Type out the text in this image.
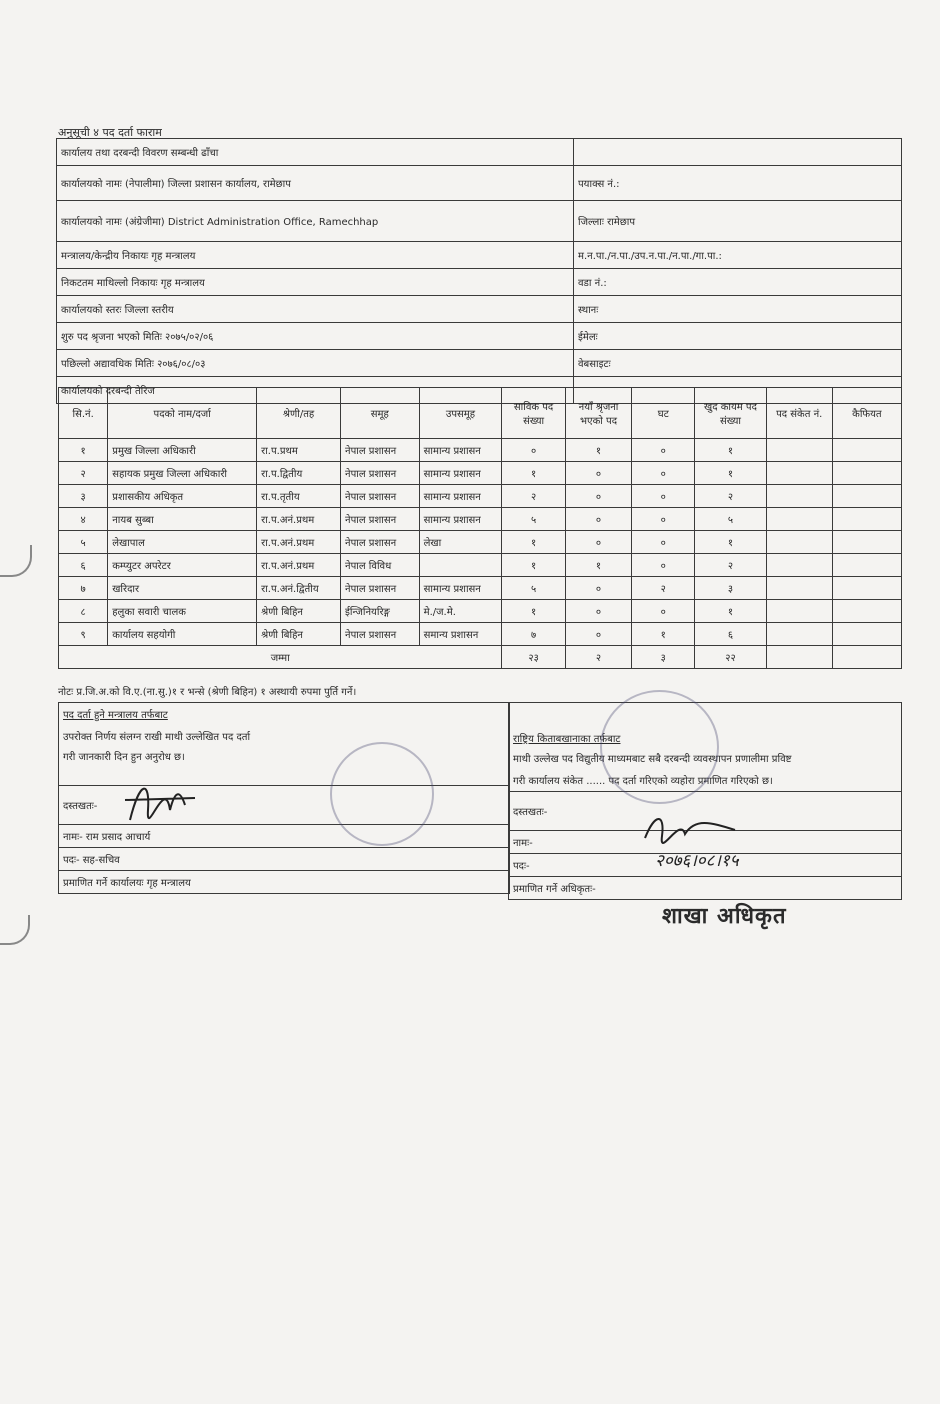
अनुसूची ४ पद दर्ता फाराम
कार्यालय तथा दरबन्दी विवरण सम्बन्धी ढाँचा	
कार्यालयको नामः (नेपालीमा) जिल्ला प्रशासन कार्यालय, रामेछाप	पयाक्स नं.:
कार्यालयको नामः (अंग्रेजीमा) District Administration Office, Ramechhap	जिल्लाः रामेछाप
मन्त्रालय/केन्द्रीय निकायः गृह मन्त्रालय	म.न.पा./न.पा./उप.न.पा./न.पा./गा.पा.:
निकटतम माथिल्लो निकायः गृह मन्त्रालय	वडा नं.:
कार्यालयको स्तरः जिल्ला स्तरीय	स्थानः
शुरु पद श्रृजना भएको मितिः २०७५/०२/०६	ईमेलः
पछिल्लो अद्यावधिक मितिः २०७६/०८/०३	वेबसाइटः
कार्यालयको दरबन्दी तेरिज	
सि.नं.	पदको नाम/दर्जा	श्रेणी/तह	समूह	उपसमूह	साविक पद संख्या	नयाँ श्रृजना भएको पद	घट	खुद कायम पद संख्या	पद संकेत नं.	कैफियत
१	प्रमुख जिल्ला अधिकारी	रा.प.प्रथम	नेपाल प्रशासन	सामान्य प्रशासन	०	१	०	१		
२	सहायक प्रमुख जिल्ला अधिकारी	रा.प.द्वितीय	नेपाल प्रशासन	सामान्य प्रशासन	१	०	०	१		
३	प्रशासकीय अधिकृत	रा.प.तृतीय	नेपाल प्रशासन	सामान्य प्रशासन	२	०	०	२		
४	नायब सुब्बा	रा.प.अनं.प्रथम	नेपाल प्रशासन	सामान्य प्रशासन	५	०	०	५		
५	लेखापाल	रा.प.अनं.प्रथम	नेपाल प्रशासन	लेखा	१	०	०	१		
६	कम्प्युटर अपरेटर	रा.प.अनं.प्रथम	नेपाल विविध		१	१	०	२		
७	खरिदार	रा.प.अनं.द्वितीय	नेपाल प्रशासन	सामान्य प्रशासन	५	०	२	३		
८	हलुका सवारी चालक	श्रेणी बिहिन	ईन्जिनियरिङ्ग	मे./ज.मे.	१	०	०	१		
९	कार्यालय सहयोगी	श्रेणी बिहिन	नेपाल प्रशासन	समान्य प्रशासन	७	०	१	६		
जम्मा					२३	२	३	२२		
नोटः प्र.जि.अ.को वि.ए.(ना.सु.)१ र भन्से (श्रेणी बिहिन) १ अस्थायी रुपमा पुर्ति गर्ने।
पद दर्ता हुने मन्त्रालय तर्फबाट
उपरोक्त निर्णय संलग्न राखी माथी उल्लेखित पद दर्ता
गरी जानकारी दिन हुन अनुरोध छ।
दस्तखतः-
नामः- राम प्रसाद आचार्य
पदः- सह-सचिव
प्रमाणित गर्ने कार्यालयः गृह मन्त्रालय
राष्ट्रिय किताबखानाका तर्फबाट
माथी उल्लेख पद विद्युतीय माध्यमबाट सबै दरबन्दी व्यवस्थापन प्रणालीमा प्रविष्ट
गरी कार्यालय संकेत ...... पद दर्ता गरिएको व्यहोरा प्रमाणित गरिएको छ।
दस्तखतः-
नामः-
पदः-
प्रमाणित गर्ने अधिकृतः-
२०७६।०८।१५
शाखा अधिकृत
